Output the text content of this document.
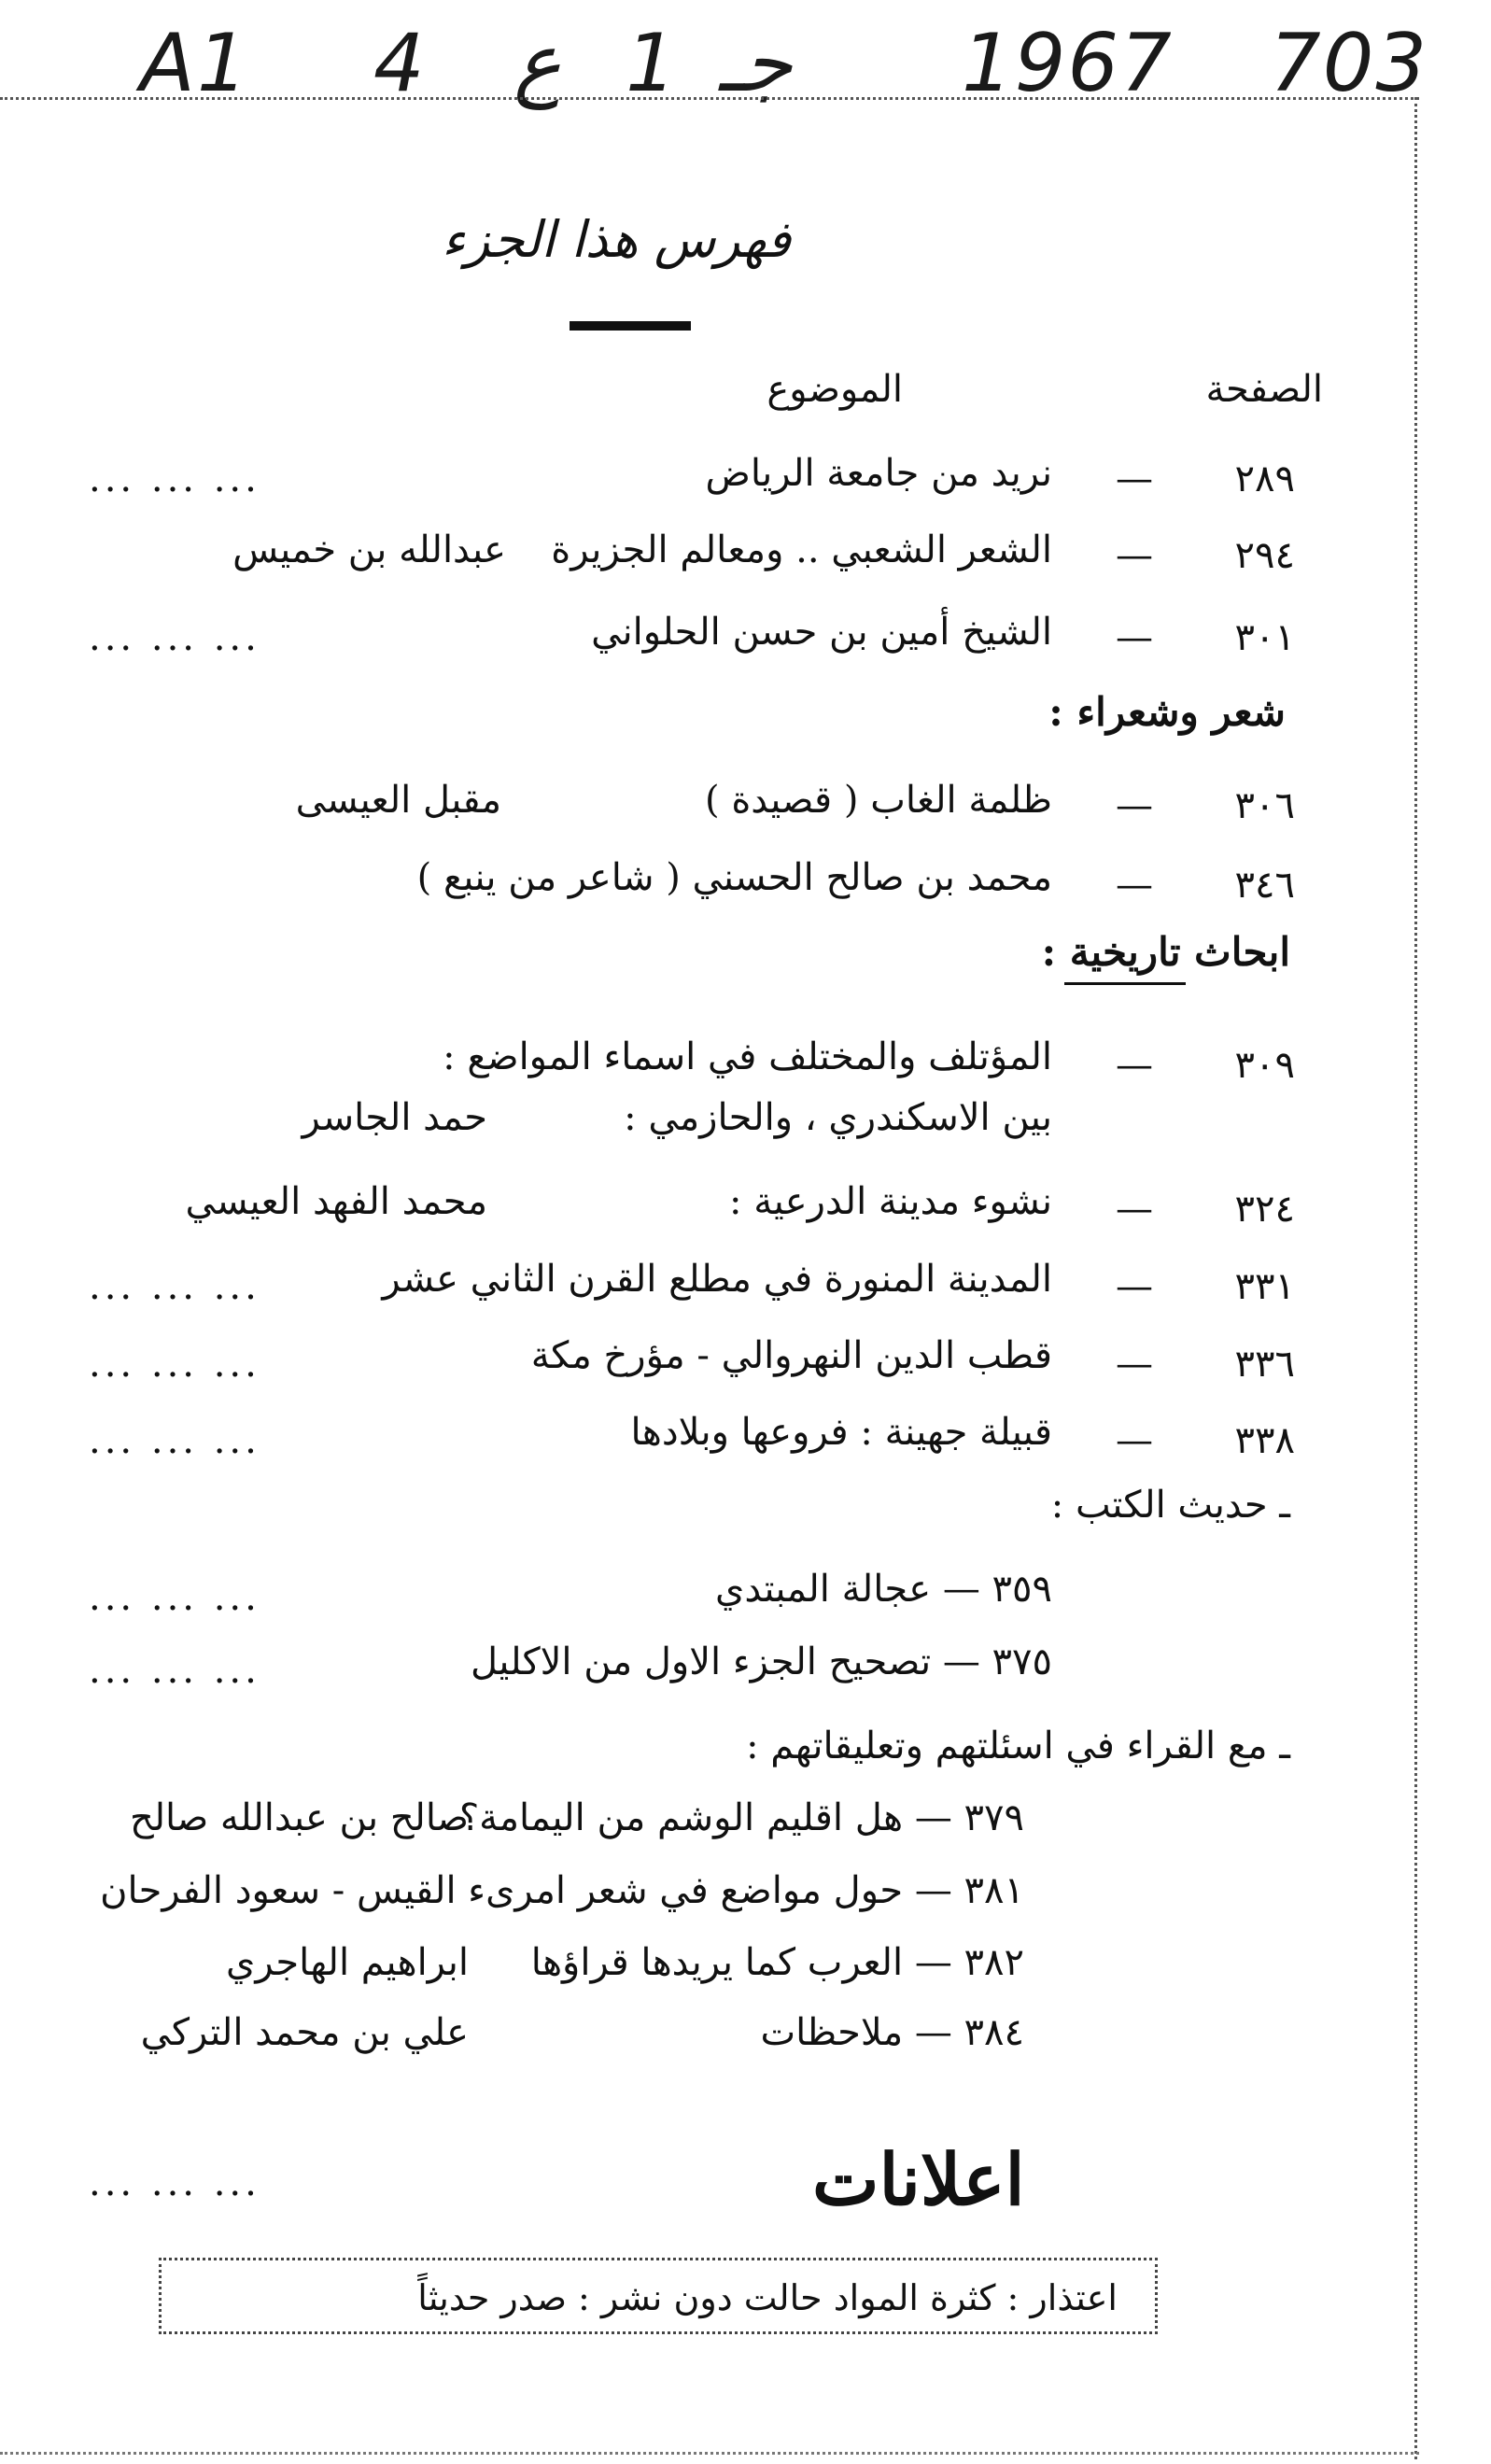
A1 4 ع 1 جـ 1967 703
فهرس هذا الجزء
الصفحة
الموضوع
٢٨٩
—
نريد من جامعة الرياض
... ... ...
٢٩٤
—
الشعر الشعبي .. ومعالم الجزيرة
عبدالله بن خميس
٣٠١
—
الشيخ أمين بن حسن الحلواني
... ... ...
شعر وشعراء :
٣٠٦
—
ظلمة الغاب ( قصيدة )
مقبل العيسى
٣٤٦
—
محمد بن صالح الحسني ( شاعر من ينبع )
ابحاث تاريخية :
٣٠٩
—
المؤتلف والمختلف في اسماء المواضع :
بين الاسكندري ، والحازمي :
حمد الجاسر
٣٢٤
—
نشوء مدينة الدرعية :
محمد الفهد العيسي
٣٣١
—
المدينة المنورة في مطلع القرن الثاني عشر
... ... ...
٣٣٦
—
قطب الدين النهروالي - مؤرخ مكة
... ... ...
٣٣٨
—
قبيلة جهينة : فروعها وبلادها
... ... ...
ـ حديث الكتب :
٣٥٩ — عجالة المبتدي
... ... ...
٣٧٥ — تصحيح الجزء الاول من الاكليل
... ... ...
ـ مع القراء في اسئلتهم وتعليقاتهم :
٣٧٩ — هل اقليم الوشم من اليمامة؟
صالح بن عبدالله صالح
٣٨١ — حول مواضع في شعر امرىء القيس - سعود الفرحان
٣٨٢ — العرب كما يريدها قراؤها
ابراهيم الهاجري
٣٨٤ — ملاحظات
علي بن محمد التركي
اعلانات
... ... ...
اعتذار : كثرة المواد حالت دون نشر : صدر حديثاً
